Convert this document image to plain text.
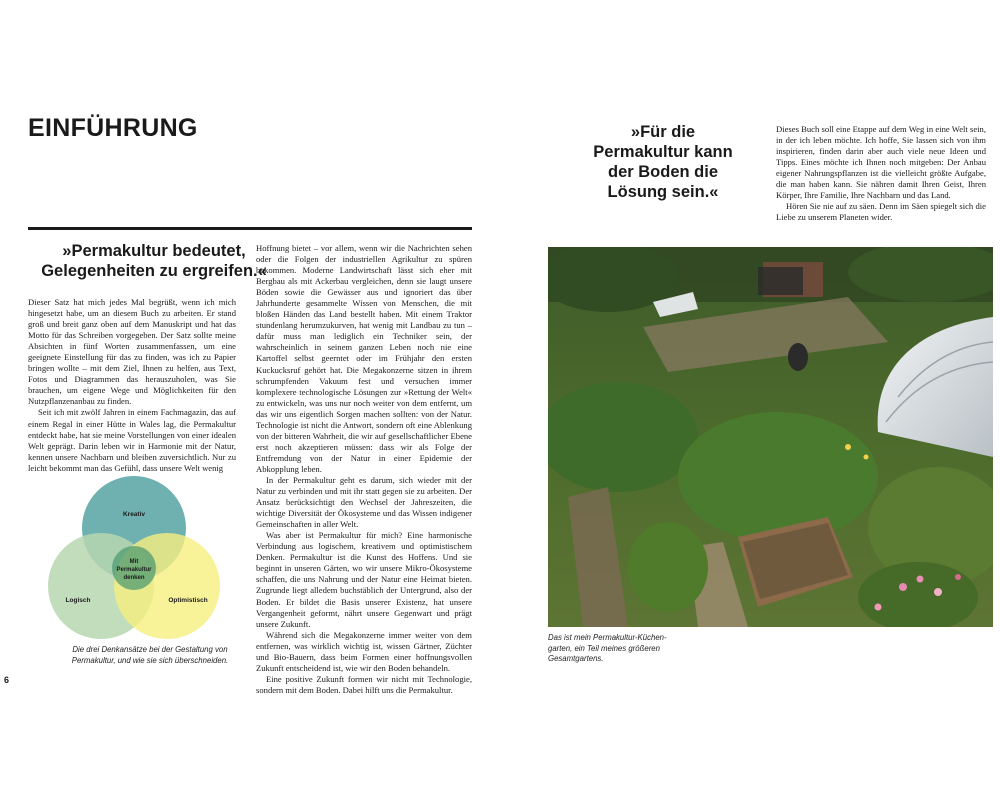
EINFÜHRUNG
»Permakultur bedeutet,
Gelegenheiten zu ergreifen.«
»Für die
Permakultur kann
der Boden die
Lösung sein.«

Dieser Satz hat mich jedes Mal begrüßt, wenn ich mich hingesetzt habe, um an diesem Buch zu arbeiten. Er stand groß und breit ganz oben auf dem Manuskript und hat das Motto für das Schreiben vorgegeben. Der Satz sollte meine Absichten in fünf Worten zusammenfassen, um eine geeignete Einstellung für das zu finden, was ich zu Papier bringen wollte – mit dem Ziel, Ihnen zu helfen, aus Text, Fotos und Diagrammen das herauszuholen, was Sie brauchen, um eigene Wege und Möglichkeiten für den Nutzpflanzenanbau zu finden.

Seit ich mit zwölf Jahren in einem Fachmagazin, das auf einem Regal in einer Hütte in Wales lag, die Permakultur entdeckt habe, hat sie meine Vorstellungen von einer idealen Welt geprägt. Darin leben wir in Harmonie mit der Natur, kennen unsere Nachbarn und bleiben zuversichtlich. Nur zu leicht bekommt man das Gefühl, dass unsere Welt wenig

Hoffnung bietet – vor allem, wenn wir die Nachrichten sehen oder die Folgen der industriellen Agrikultur zu spüren bekommen. Moderne Landwirtschaft lässt sich eher mit Bergbau als mit Ackerbau vergleichen, denn sie laugt unsere Böden sowie die Gewässer aus und ignoriert das über Jahrhunderte gesammelte Wissen von Menschen, die mit bloßen Händen das Land bestellt haben. Mit einem Traktor stundenlang herumzukurven, hat wenig mit Landbau zu tun – dafür muss man lediglich ein Techniker sein, der wahrscheinlich in seinem ganzen Leben noch nie eine Kartoffel selbst geerntet oder im Frühjahr den ersten Kuckucksruf gehört hat. Die Megakonzerne sitzen in ihrem schrumpfenden Vakuum fest und versuchen immer komplexere technologische Lösungen zur »Rettung der Welt« zu entwickeln, was uns nur noch weiter von dem entfernt, um das wir uns eigentlich Sorgen machen sollten: von der Natur. Technologie ist nicht die Antwort, sondern oft eine Ablenkung von der bitteren Wahrheit, die wir auf gesellschaftlicher Ebene erst noch akzeptieren müssen: dass wir als Folge der Entfremdung von der Natur in einer Epidemie der Abkopplung leben.

In der Permakultur geht es darum, sich wieder mit der Natur zu verbinden und mit ihr statt gegen sie zu arbeiten. Der Ansatz berücksichtigt den Wechsel der Jahreszeiten, die wichtige Diversität der Ökosysteme und das Wissen indigener Gemeinschaften in aller Welt.

Was aber ist Permakultur für mich? Eine harmonische Verbindung aus logischem, kreativem und optimistischem Denken. Permakultur ist die Kunst des Hoffens. Und sie beginnt in unseren Gärten, wo wir unsere Mikro-Ökosysteme schaffen, die uns Nahrung und der Natur eine Heimat bieten. Zugrunde liegt alledem buchstäblich der Untergrund, also der Boden. Er bildet die Basis unserer Existenz, hat unsere Vergangenheit geformt, nährt unsere Gegenwart und prägt unsere Zukunft.

Während sich die Megakonzerne immer weiter von dem entfernen, was wirklich wichtig ist, wissen Gärtner, Züchter und Bio-Bauern, dass beim Formen einer hoffnungsvollen Zukunft entscheidend ist, wie wir den Boden behandeln.

Eine positive Zukunft formen wir nicht mit Technologie, sondern mit dem Boden. Dabei hilft uns die Permakultur.

Dieses Buch soll eine Etappe auf dem Weg in eine Welt sein, in der ich leben möchte. Ich hoffe, Sie lassen sich von ihm inspirieren, finden darin aber auch viele neue Ideen und Tipps. Eines möchte ich Ihnen noch mitgeben: Der Anbau eigener Nahrungspflanzen ist die vielleicht größte Aufgabe, die man haben kann. Sie nähren damit Ihren Geist, Ihren Körper, Ihre Familie, Ihre Nachbarn und das Land.

Hören Sie nie auf zu säen. Denn im Säen spiegelt sich die Liebe zu unserem Planeten wider.

Kreativ
Logisch	Optimistisch
Mit
Permakultur
denken
Die drei Denkansätze bei der Gestaltung von
Permakultur, und wie sie sich überschneiden.
Das ist mein Permakultur-Küchen-
garten, ein Teil meines größeren
Gesamtgartens.
6
